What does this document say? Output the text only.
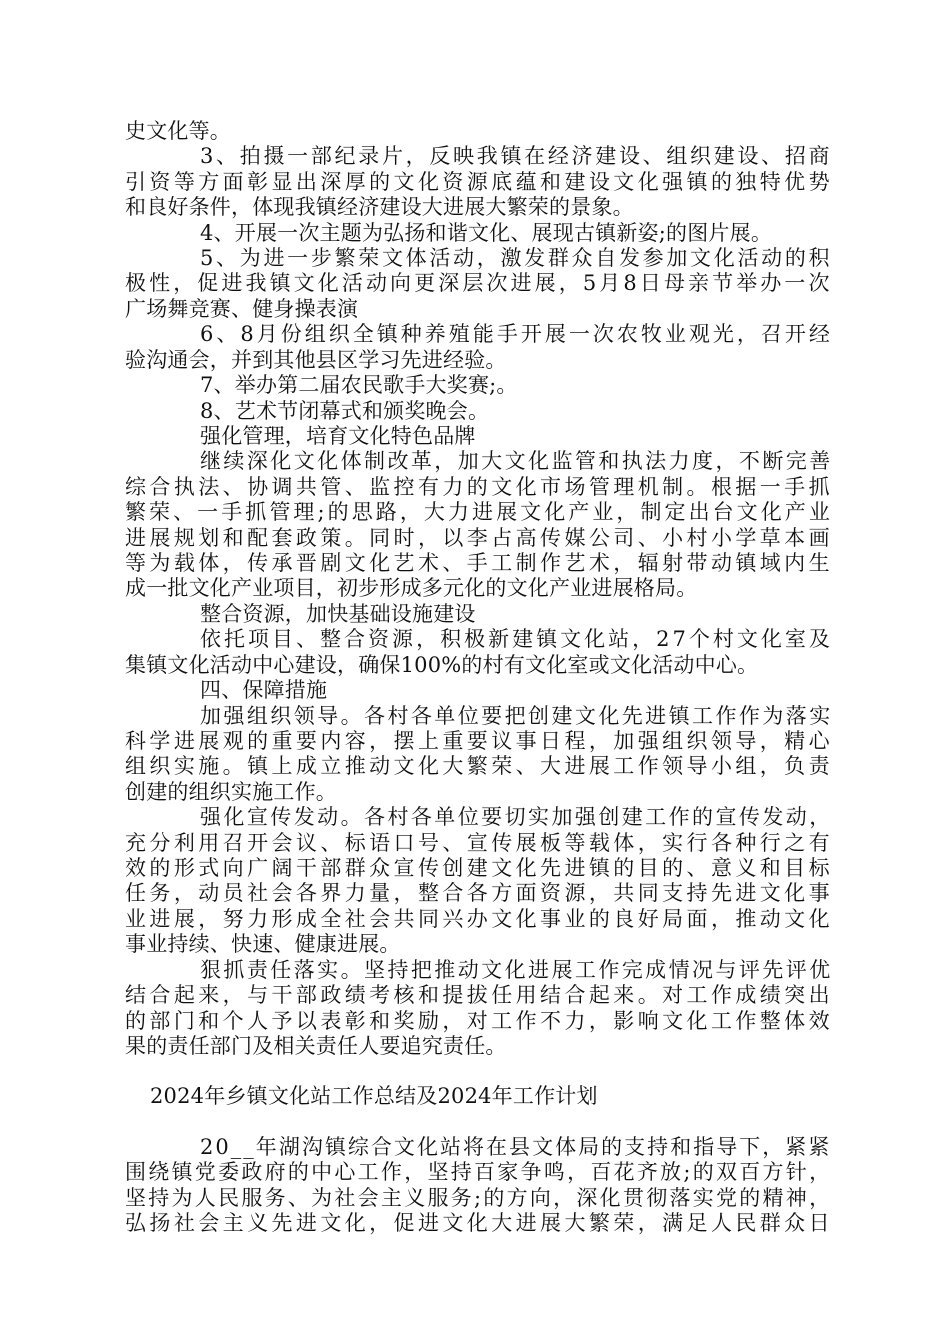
史文化等。
3、拍摄一部纪录片，反映我镇在经济建设、组织建设、招商
引资等方面彰显出深厚的文化资源底蕴和建设文化强镇的独特优势
和良好条件，体现我镇经济建设大进展大繁荣的景象。
4、开展一次主题为弘扬和谐文化、展现古镇新姿;的图片展。
5、为进一步繁荣文体活动，激发群众自发参加文化活动的积
极性，促进我镇文化活动向更深层次进展，5月8日母亲节举办一次
广场舞竞赛、健身操表演
6、8月份组织全镇种养殖能手开展一次农牧业观光，召开经
验沟通会，并到其他县区学习先进经验。
7、举办第二届农民歌手大奖赛;。
8、艺术节闭幕式和颁奖晚会。
强化管理，培育文化特色品牌
继续深化文化体制改革，加大文化监管和执法力度，不断完善
综合执法、协调共管、监控有力的文化市场管理机制。根据一手抓
繁荣、一手抓管理;的思路，大力进展文化产业，制定出台文化产业
进展规划和配套政策。同时，以李占高传媒公司、小村小学草本画
等为载体，传承晋剧文化艺术、手工制作艺术，辐射带动镇域内生
成一批文化产业项目，初步形成多元化的文化产业进展格局。
整合资源，加快基础设施建设
依托项目、整合资源，积极新建镇文化站，27个村文化室及
集镇文化活动中心建设，确保100%的村有文化室或文化活动中心。
四、保障措施
加强组织领导。各村各单位要把创建文化先进镇工作作为落实
科学进展观的重要内容，摆上重要议事日程，加强组织领导，精心
组织实施。镇上成立推动文化大繁荣、大进展工作领导小组，负责
创建的组织实施工作。
强化宣传发动。各村各单位要切实加强创建工作的宣传发动，
充分利用召开会议、标语口号、宣传展板等载体，实行各种行之有
效的形式向广阔干部群众宣传创建文化先进镇的目的、意义和目标
任务，动员社会各界力量，整合各方面资源，共同支持先进文化事
业进展，努力形成全社会共同兴办文化事业的良好局面，推动文化
事业持续、快速、健康进展。
狠抓责任落实。坚持把推动文化进展工作完成情况与评先评优
结合起来，与干部政绩考核和提拔任用结合起来。对工作成绩突出
的部门和个人予以表彰和奖励，对工作不力，影响文化工作整体效
果的责任部门及相关责任人要追究责任。
2024年乡镇文化站工作总结及2024年工作计划
20__年湖沟镇综合文化站将在县文体局的支持和指导下，紧紧
围绕镇党委政府的中心工作，坚持百家争鸣，百花齐放;的双百方针，
坚持为人民服务、为社会主义服务;的方向，深化贯彻落实党的精神，
弘扬社会主义先进文化，促进文化大进展大繁荣，满足人民群众日
